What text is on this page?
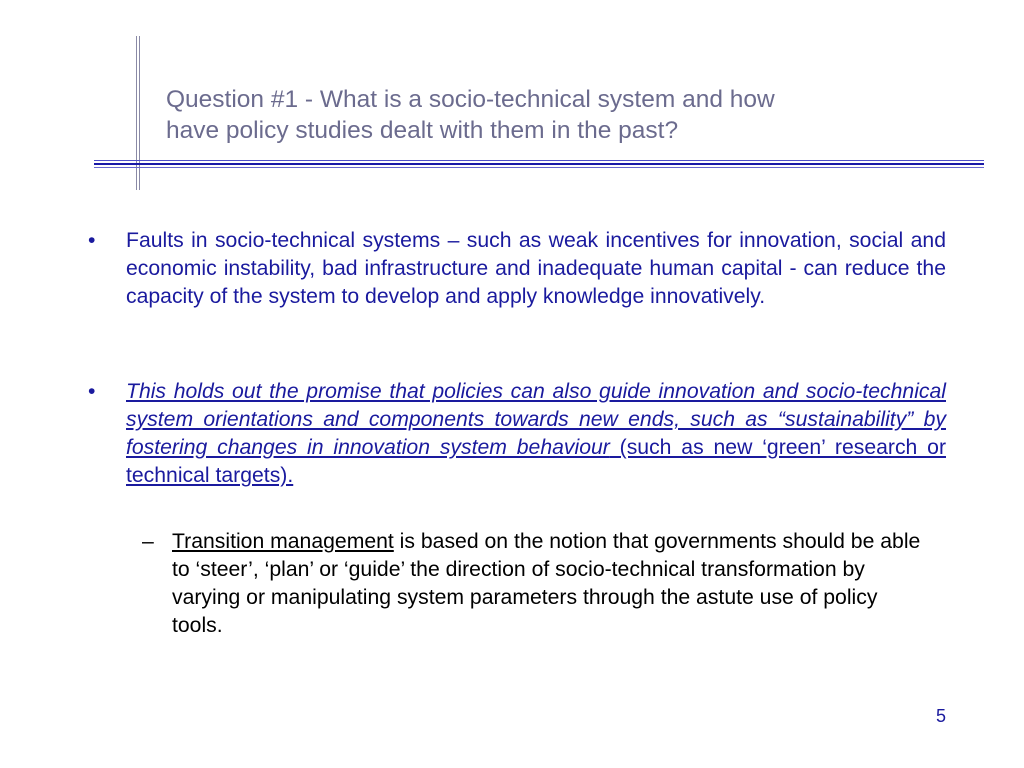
Question #1 - What is a socio-technical system and how
have policy studies dealt with them in the past?
• Faults in socio-technical systems – such as weak incentives for innovation, social and economic instability, bad infrastructure and inadequate human capital - can reduce the capacity of the system to develop and apply knowledge innovatively.
• This holds out the promise that policies can also guide innovation and socio-technical system orientations and components towards new ends, such as “sustainability” by fostering changes in innovation system behaviour (such as new ‘green’ research or technical targets).
– Transition management is based on the notion that governments should be able to ‘steer’, ‘plan’ or ‘guide’ the direction of socio-technical transformation by varying or manipulating system parameters through the astute use of policy tools.
5
